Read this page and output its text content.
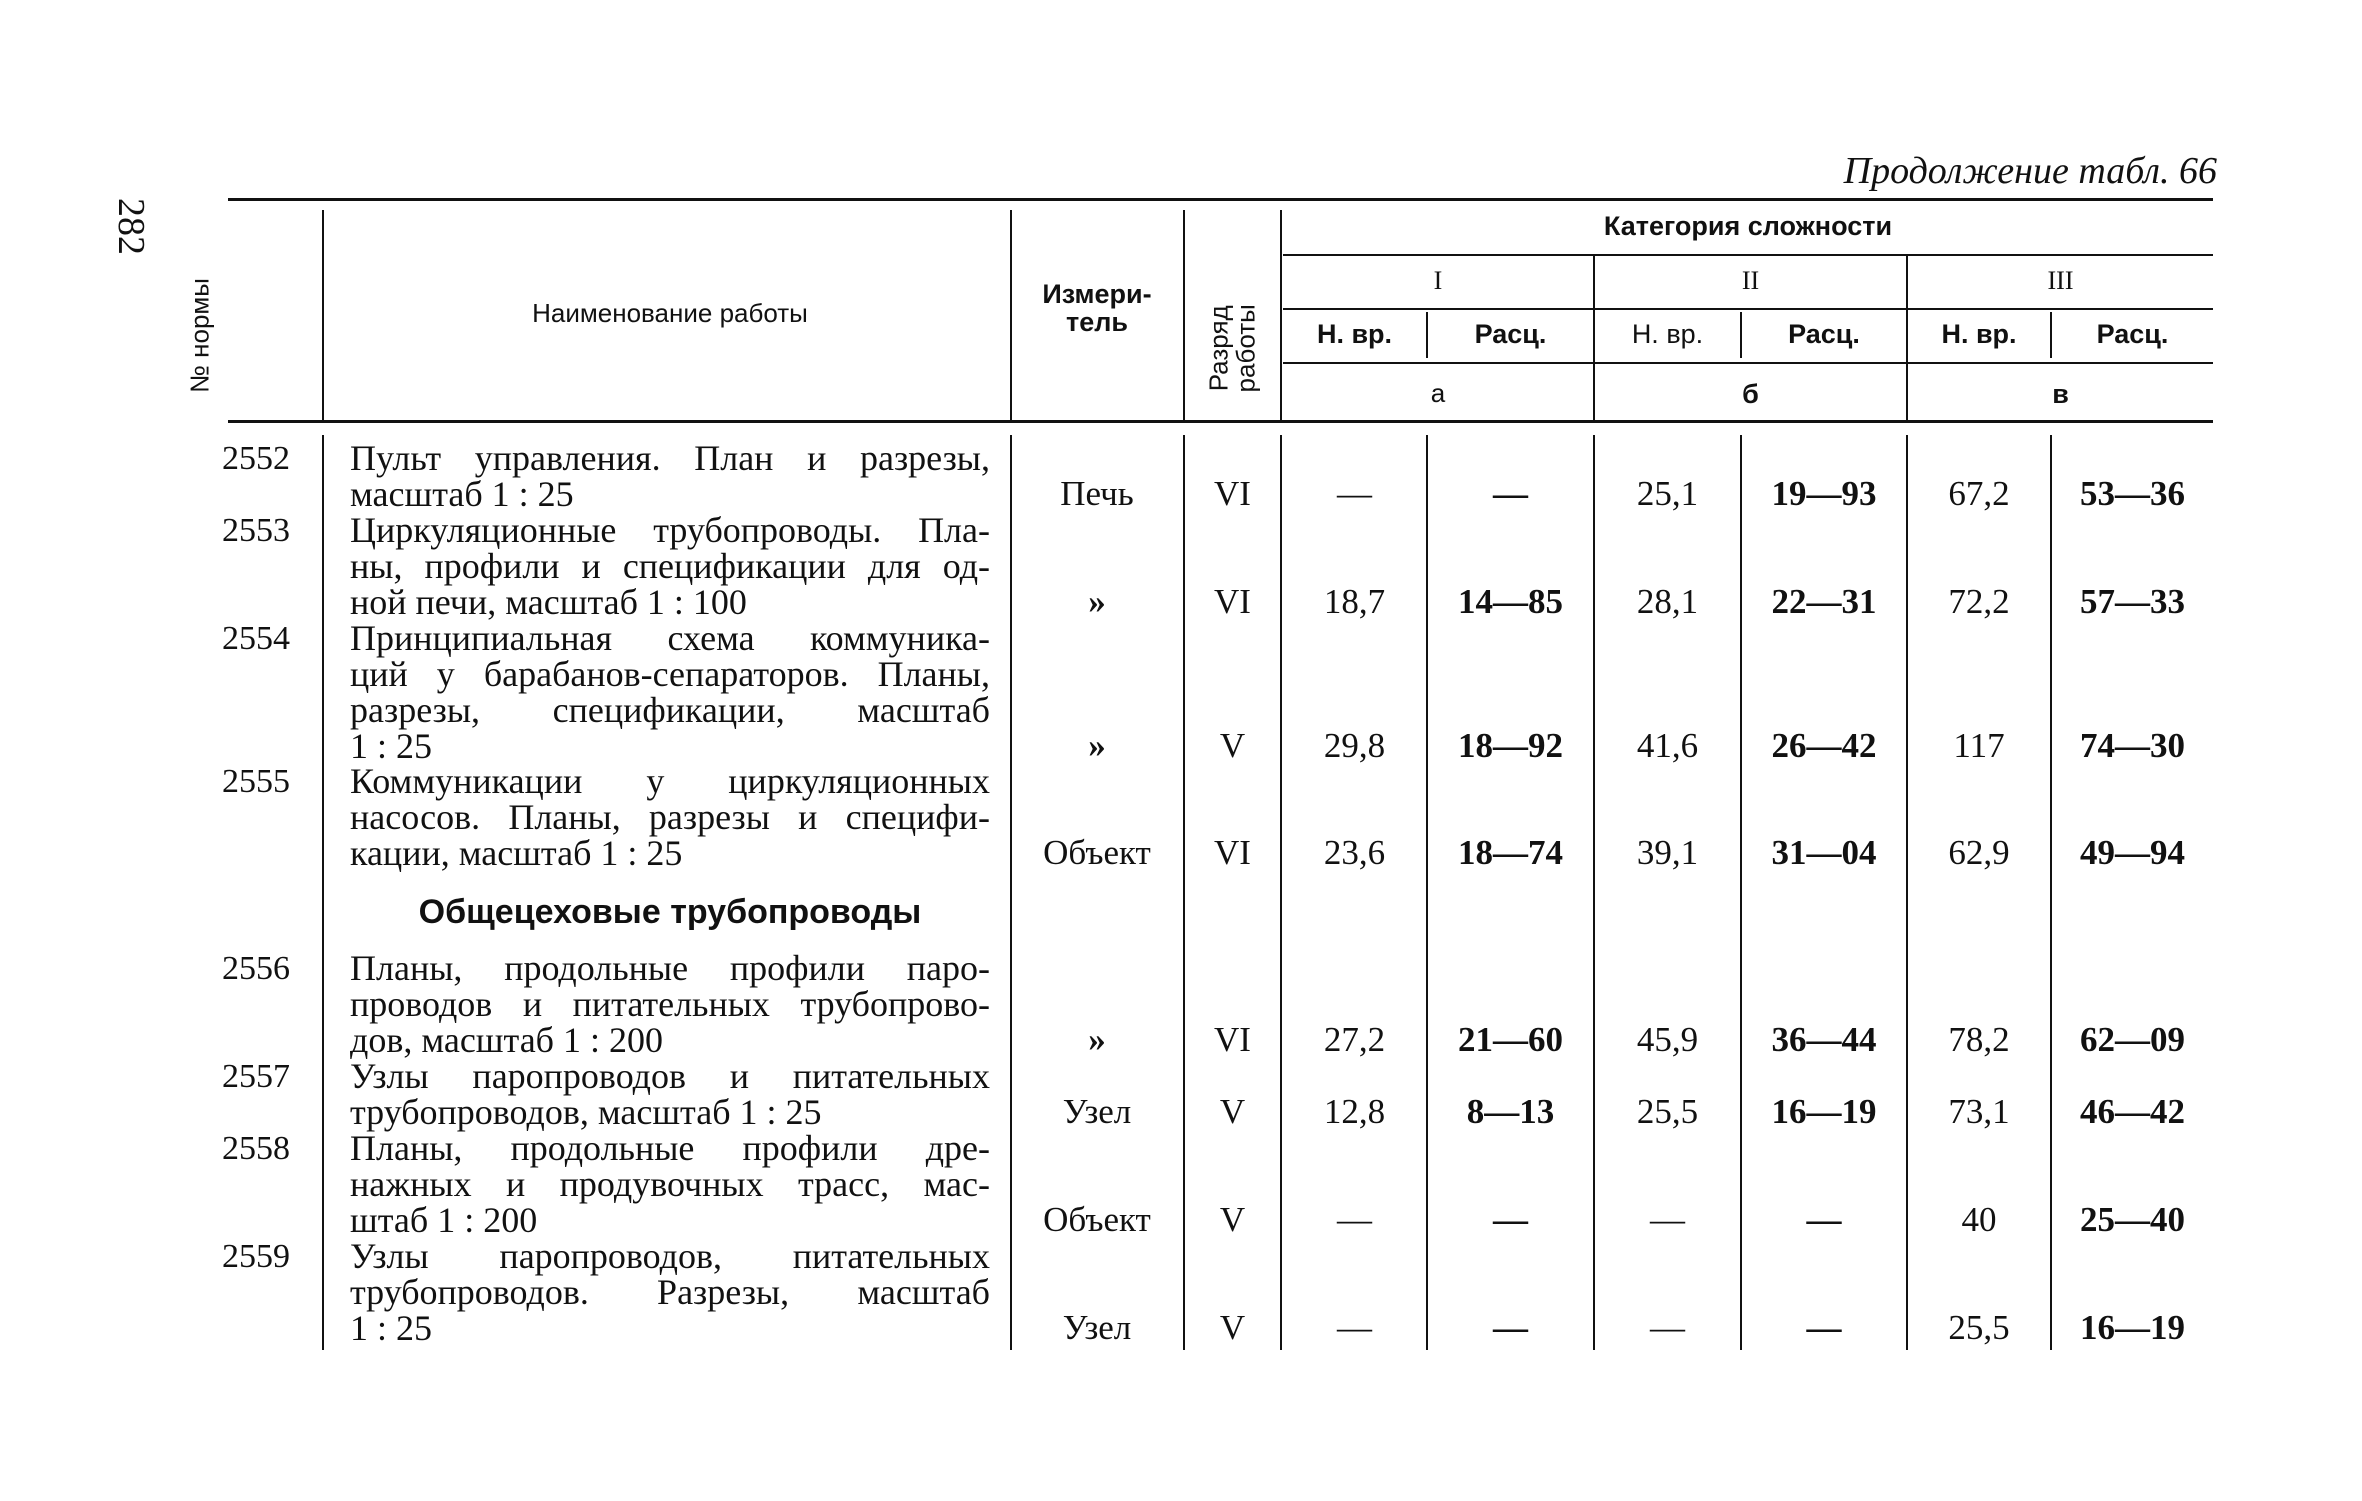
282
Продолжение табл. 66
№ нормы	Наименование работы
Измери-
тель	Разряд
работы
Категория сложности
I	II	III
Н. вр.	Расц.	Н. вр.	Расц.	Н. вр.	Расц.
а	б	в
2552	Пульт управления. План и разрезы,
масштаб 1 : 25	Печь	VI	—	—	25,1	19—93	67,2	53—36
2553	Циркуляционные трубопроводы. Пла-
ны, профили и спецификации для од-
ной печи, масштаб 1 : 100	»	VI	18,7	14—85	28,1	22—31	72,2	57—33
2554	Принципиальная схема коммуника-
ций у барабанов-сепараторов. Планы,
разрезы, спецификации, масштаб
1 : 25	»	V	29,8	18—92	41,6	26—42	117	74—30
2555	Коммуникации у циркуляционных
насосов. Планы, разрезы и специфи-
кации, масштаб 1 : 25	Объект	VI	23,6	18—74	39,1	31—04	62,9	49—94
Общецеховые трубопроводы
2556	Планы, продольные профили паро-
проводов и питательных трубопрово-
дов, масштаб 1 : 200	»	VI	27,2	21—60	45,9	36—44	78,2	62—09
2557	Узлы паропроводов и питательных
трубопроводов, масштаб 1 : 25	Узел	V	12,8	8—13	25,5	16—19	73,1	46—42
2558	Планы, продольные профили дре-
нажных и продувочных трасс, мас-
штаб 1 : 200	Объект	V	—	—	—	—	40	25—40
2559	Узлы паропроводов, питательных
трубопроводов. Разрезы, масштаб
1 : 25	Узел	V	—	—	—	—	25,5	16—19
